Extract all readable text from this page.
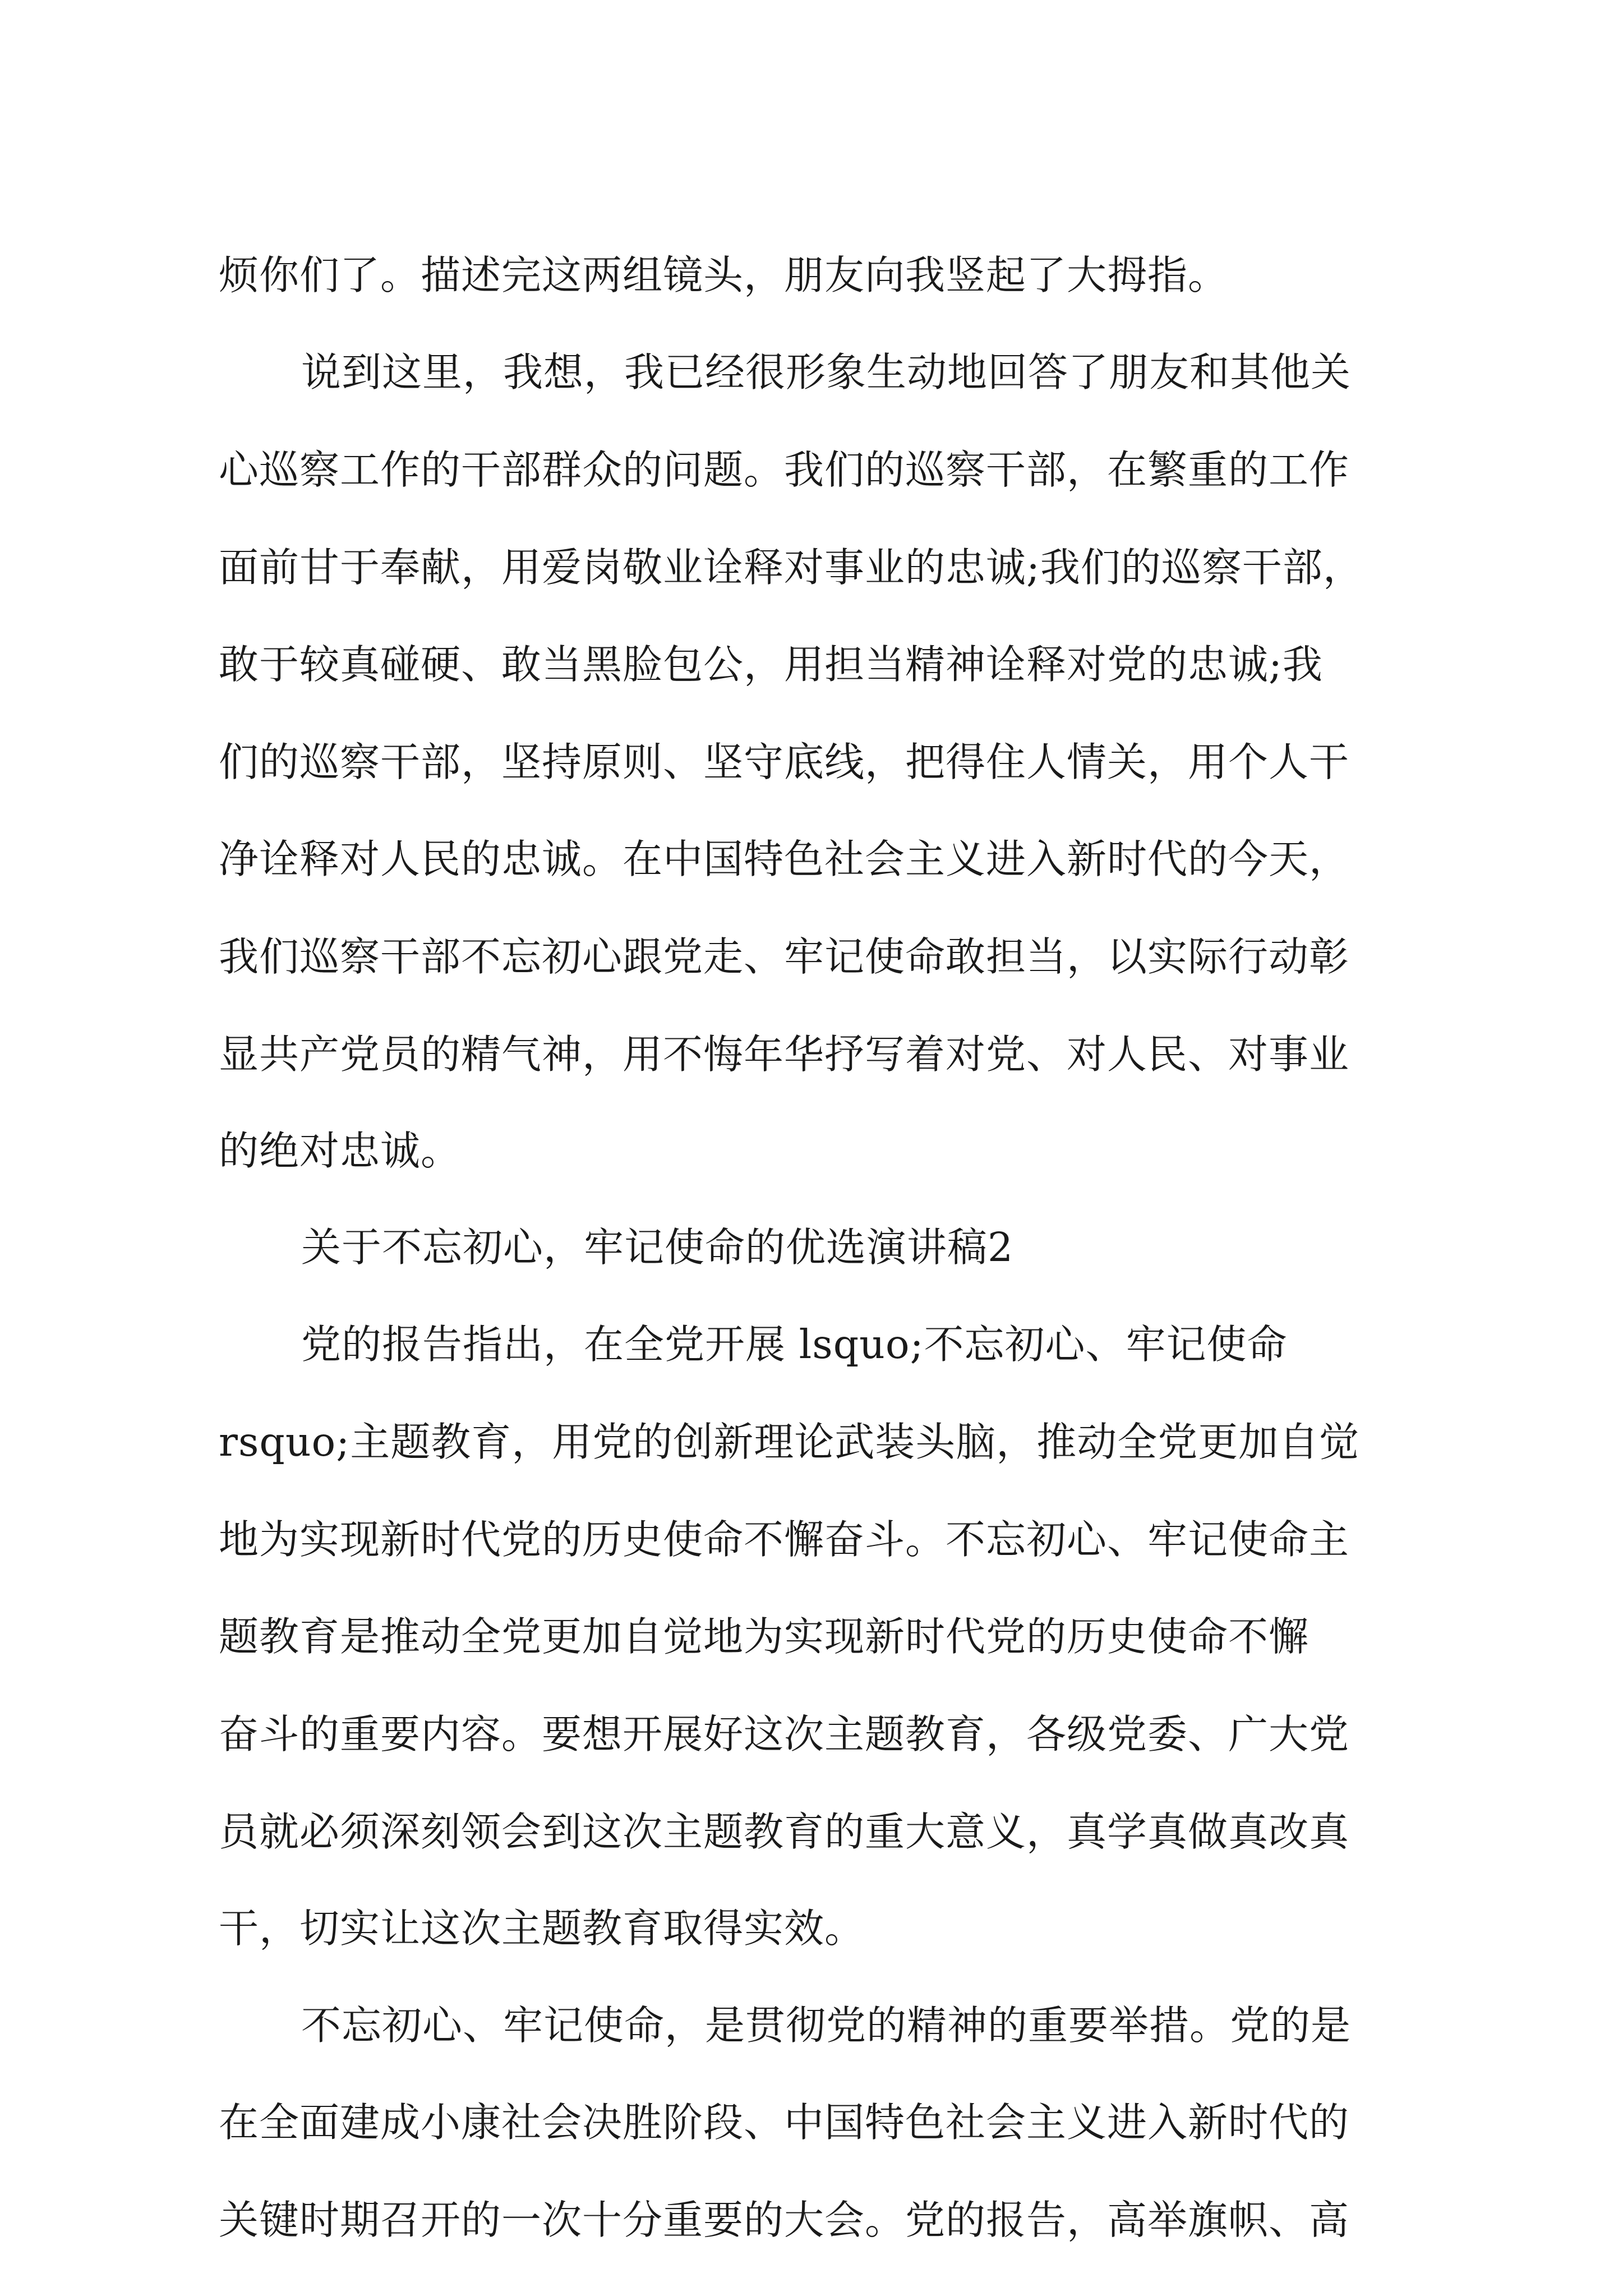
烦你们了。描述完这两组镜头，朋友向我竖起了大拇指。
说到这里，我想，我已经很形象生动地回答了朋友和其他关
心巡察工作的干部群众的问题。我们的巡察干部，在繁重的工作
面前甘于奉献，用爱岗敬业诠释对事业的忠诚;我们的巡察干部，
敢于较真碰硬、敢当黑脸包公，用担当精神诠释对党的忠诚;我
们的巡察干部，坚持原则、坚守底线，把得住人情关，用个人干
净诠释对人民的忠诚。在中国特色社会主义进入新时代的今天，
我们巡察干部不忘初心跟党走、牢记使命敢担当，以实际行动彰
显共产党员的精气神，用不悔年华抒写着对党、对人民、对事业
的绝对忠诚。
关于不忘初心，牢记使命的优选演讲稿2
党的报告指出，在全党开展 lsquo;不忘初心、牢记使命
rsquo;主题教育，用党的创新理论武装头脑，推动全党更加自觉
地为实现新时代党的历史使命不懈奋斗。不忘初心、牢记使命主
题教育是推动全党更加自觉地为实现新时代党的历史使命不懈
奋斗的重要内容。要想开展好这次主题教育，各级党委、广大党
员就必须深刻领会到这次主题教育的重大意义，真学真做真改真
干，切实让这次主题教育取得实效。
不忘初心、牢记使命，是贯彻党的精神的重要举措。党的是
在全面建成小康社会决胜阶段、中国特色社会主义进入新时代的
关键时期召开的一次十分重要的大会。党的报告，高举旗帜、高
